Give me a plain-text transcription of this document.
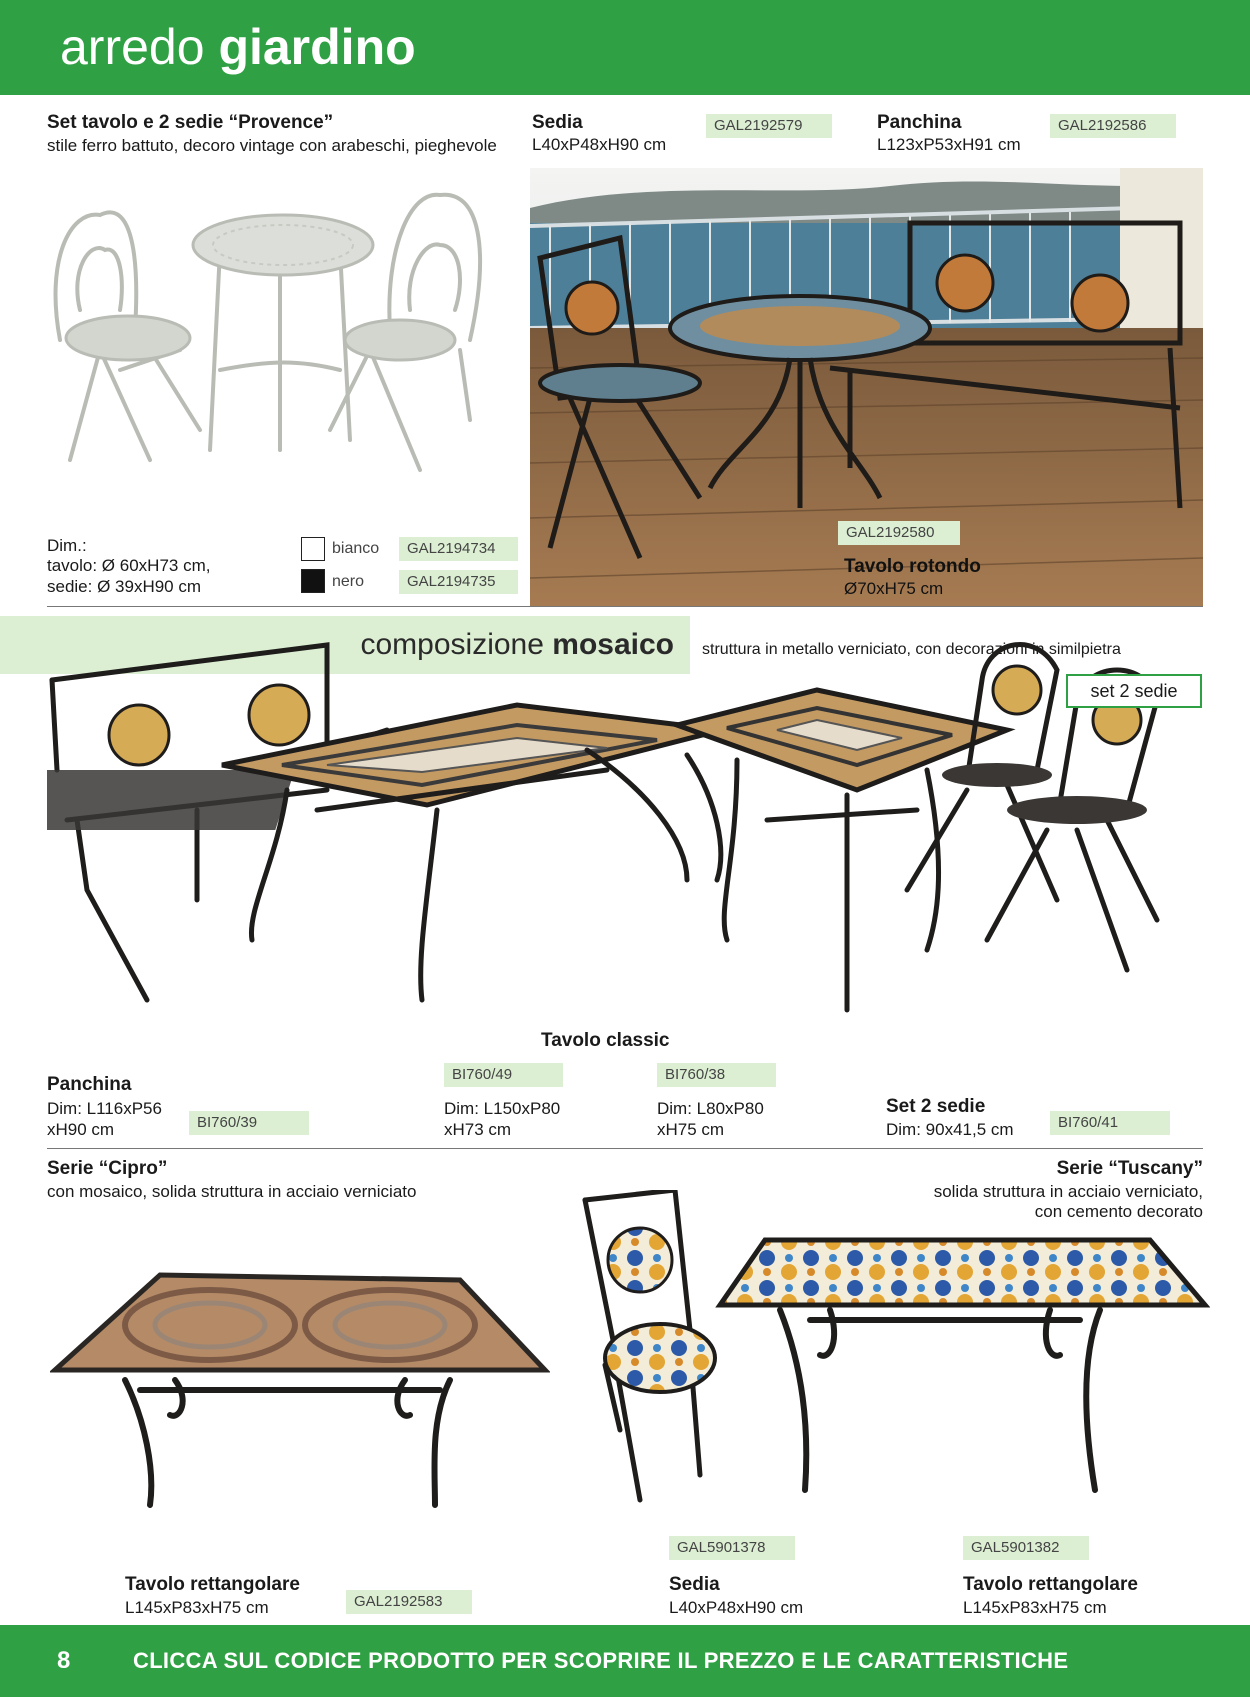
arredo giardino
Set tavolo e 2 sedie “Provence”
stile ferro battuto, decoro vintage con arabeschi, pieghevole
Dim.:
tavolo: Ø 60xH73 cm,
sedie: Ø 39xH90 cm
bianco	GAL2194734
nero	GAL2194735
Sedia
L40xP48xH90 cm
GAL2192579	Panchina
L123xP53xH91 cm
GAL2192586
GAL2192580
Tavolo rotondo
Ø70xH75 cm
composizione mosaico struttura in metallo verniciato, con decorazioni in similpietra
set 2 sedie
Tavolo classic
BI760/49	BI760/38
Panchina
Dim: L116xP56
xH90 cm	BI760/39
Dim: L150xP80
xH73 cm
Dim: L80xP80
xH75 cm
Set 2 sedie
Dim: 90x41,5 cm	BI760/41
Serie “Cipro”
con mosaico, solida struttura in acciaio verniciato
Serie “Tuscany”
solida struttura in acciaio verniciato,
con cemento decorato
GAL5901378	GAL5901382
Tavolo rettangolare
L145xP83xH75 cm	GAL2192583
Sedia
L40xP48xH90 cm
Tavolo rettangolare
L145xP83xH75 cm
8	CLICCA SUL CODICE PRODOTTO PER SCOPRIRE IL PREZZO E LE CARATTERISTICHE
